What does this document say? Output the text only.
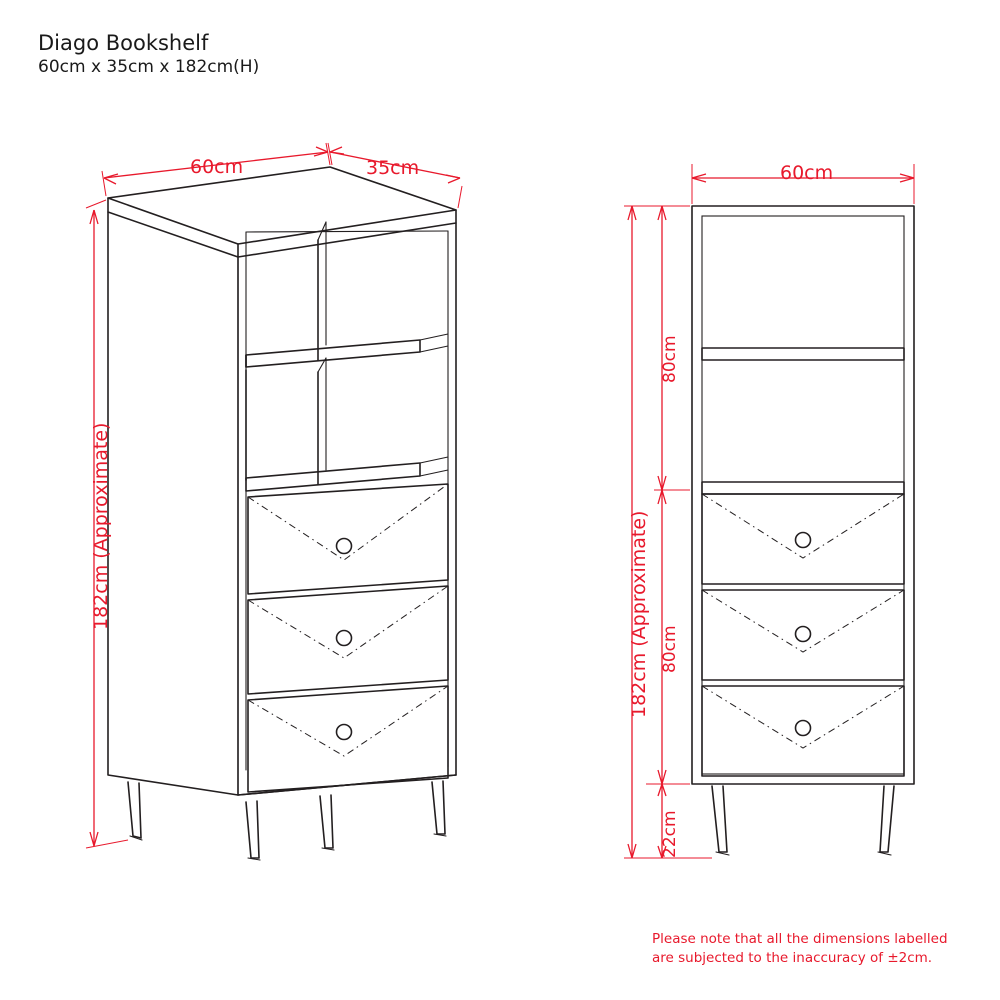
Diago Bookshelf
60cm x 35cm x 182cm(H)
60cm	35cm
182cm (Approximate)
60cm
182cm (Approximate)
80cm
80cm
22cm
Please note that all the dimensions labelled
are subjected to the inaccuracy of ±2cm.
